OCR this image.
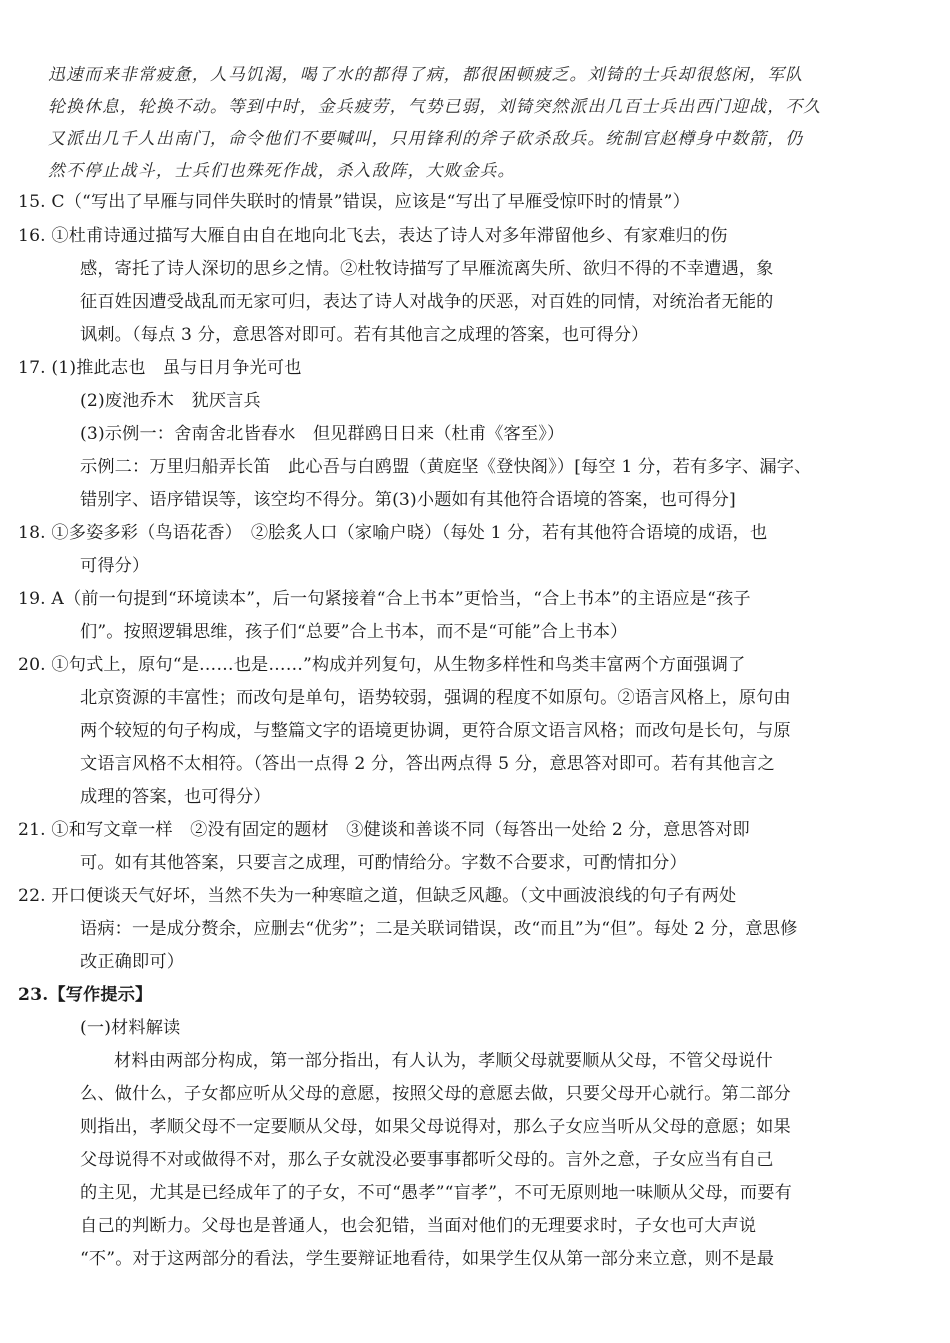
迅速而来非常疲惫，人马饥渴，喝了水的都得了病，都很困顿疲乏。刘锜的士兵却很悠闲，军队
轮换休息，轮换不动。等到中时，金兵疲劳，气势已弱，刘锜突然派出几百士兵出西门迎战，不久
又派出几千人出南门，命令他们不要喊叫，只用锋利的斧子砍杀敌兵。统制官赵樽身中数箭，仍
然不停止战斗，士兵们也殊死作战，杀入敌阵，大败金兵。
15. C（“写出了早雁与同伴失联时的情景”错误，应该是“写出了早雁受惊吓时的情景”）
16. ①杜甫诗通过描写大雁自由自在地向北飞去，表达了诗人对多年滞留他乡、有家难归的伤
感，寄托了诗人深切的思乡之情。②杜牧诗描写了早雁流离失所、欲归不得的不幸遭遇，象
征百姓因遭受战乱而无家可归，表达了诗人对战争的厌恶，对百姓的同情，对统治者无能的
讽刺。（每点 3 分，意思答对即可。若有其他言之成理的答案，也可得分）
17. (1)推此志也　虽与日月争光可也
(2)废池乔木　犹厌言兵
(3)示例一：舍南舍北皆春水　但见群鸥日日来（杜甫《客至》）
示例二：万里归船弄长笛　此心吾与白鸥盟（黄庭坚《登快阁》）[每空 1 分，若有多字、漏字、
错别字、语序错误等，该空均不得分。第(3)小题如有其他符合语境的答案，也可得分]
18. ①多姿多彩（鸟语花香）　②脍炙人口（家喻户晓）（每处 1 分，若有其他符合语境的成语，也
可得分）
19. A（前一句提到“环境读本”，后一句紧接着“合上书本”更恰当，“合上书本”的主语应是“孩子
们”。按照逻辑思维，孩子们“总要”合上书本，而不是“可能”合上书本）
20. ①句式上，原句“是……也是……”构成并列复句，从生物多样性和鸟类丰富两个方面强调了
北京资源的丰富性；而改句是单句，语势较弱，强调的程度不如原句。②语言风格上，原句由
两个较短的句子构成，与整篇文字的语境更协调，更符合原文语言风格；而改句是长句，与原
文语言风格不太相符。（答出一点得 2 分，答出两点得 5 分，意思答对即可。若有其他言之
成理的答案，也可得分）
21. ①和写文章一样　②没有固定的题材　③健谈和善谈不同（每答出一处给 2 分，意思答对即
可。如有其他答案，只要言之成理，可酌情给分。字数不合要求，可酌情扣分）
22. 开口便谈天气好坏，当然不失为一种寒暄之道，但缺乏风趣。（文中画波浪线的句子有两处
语病：一是成分赘余，应删去“优劣”；二是关联词错误，改“而且”为“但”。每处 2 分，意思修
改正确即可）
23.【写作提示】
(一)材料解读
材料由两部分构成，第一部分指出，有人认为，孝顺父母就要顺从父母，不管父母说什
么、做什么，子女都应听从父母的意愿，按照父母的意愿去做，只要父母开心就行。第二部分
则指出，孝顺父母不一定要顺从父母，如果父母说得对，那么子女应当听从父母的意愿；如果
父母说得不对或做得不对，那么子女就没必要事事都听父母的。言外之意，子女应当有自己
的主见，尤其是已经成年了的子女，不可“愚孝”“盲孝”，不可无原则地一味顺从父母，而要有
自己的判断力。父母也是普通人，也会犯错，当面对他们的无理要求时，子女也可大声说
“不”。对于这两部分的看法，学生要辩证地看待，如果学生仅从第一部分来立意，则不是最
